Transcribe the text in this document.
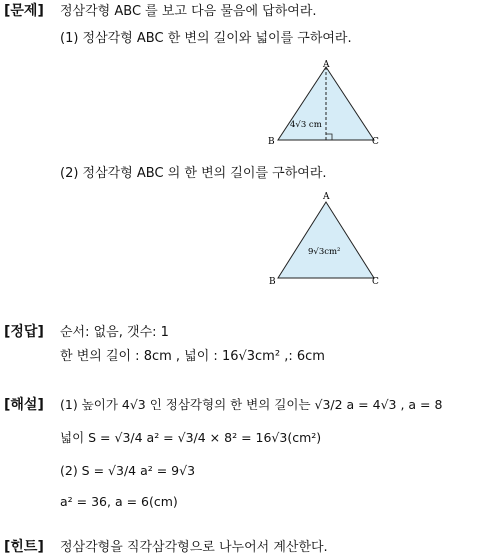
[문제] 정삼각형 ABC 를 보고 다음 물음에 답하여라.
(1) 정삼각형 ABC 한 변의 길이와 넓이를 구하여라.
A
B	C
4√3 cm
(2) 정삼각형 ABC 의 한 변의 길이를 구하여라.
A
B	C
9√3cm²
[정답] 순서: 없음, 갯수: 1
한 변의 길이 : 8cm , 넓이 : 16√3cm² ,: 6cm
[해설] (1) 높이가 4√3 인 정삼각형의 한 변의 길이는 √3/2 a = 4√3 , a = 8
넓이 S = √3/4 a² = √3/4 × 8² = 16√3(cm²)
(2) S = √3/4 a² = 9√3
a² = 36, a = 6(cm)
[힌트] 정삼각형을 직각삼각형으로 나누어서 계산한다.
